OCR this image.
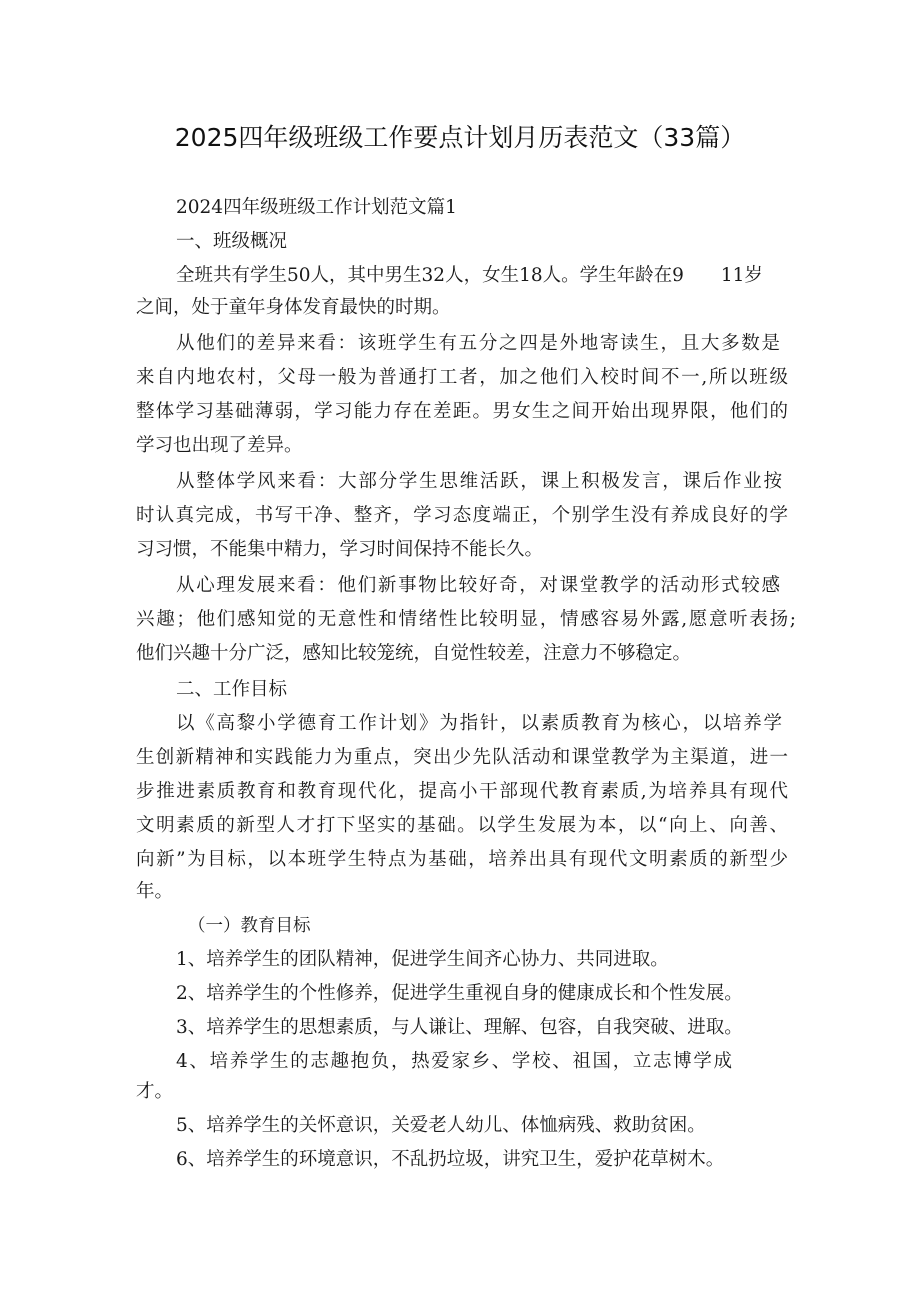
2025四年级班级工作要点计划月历表范文（33篇）
2024四年级班级工作计划范文篇1
一、班级概况
全班共有学生50人，其中男生32人，女生18人。学生年龄在9　　11岁
之间，处于童年身体发育最快的时期。
从他们的差异来看：该班学生有五分之四是外地寄读生，且大多数是
来自内地农村，父母一般为普通打工者，加之他们入校时间不一,所以班级
整体学习基础薄弱，学习能力存在差距。男女生之间开始出现界限，他们的
学习也出现了差异。
从整体学风来看：大部分学生思维活跃，课上积极发言，课后作业按
时认真完成，书写干净、整齐，学习态度端正，个别学生没有养成良好的学
习习惯，不能集中精力，学习时间保持不能长久。
从心理发展来看：他们新事物比较好奇，对课堂教学的活动形式较感
兴趣；他们感知觉的无意性和情绪性比较明显，情感容易外露,愿意听表扬;
他们兴趣十分广泛，感知比较笼统，自觉性较差，注意力不够稳定。
二、工作目标
以《高黎小学德育工作计划》为指针，以素质教育为核心，以培养学
生创新精神和实践能力为重点，突出少先队活动和课堂教学为主渠道，进一
步推进素质教育和教育现代化，提高小干部现代教育素质,为培养具有现代
文明素质的新型人才打下坚实的基础。以学生发展为本，以“向上、向善、
向新”为目标，以本班学生特点为基础，培养出具有现代文明素质的新型少
年。
（一）教育目标
1、培养学生的团队精神，促进学生间齐心协力、共同进取。
2、培养学生的个性修养，促进学生重视自身的健康成长和个性发展。
3、培养学生的思想素质，与人谦让、理解、包容，自我突破、进取。
4、培养学生的志趣抱负，热爱家乡、学校、祖国，立志博学成
才。
5、培养学生的关怀意识，关爱老人幼儿、体恤病残、救助贫困。
6、培养学生的环境意识，不乱扔垃圾，讲究卫生，爱护花草树木。
